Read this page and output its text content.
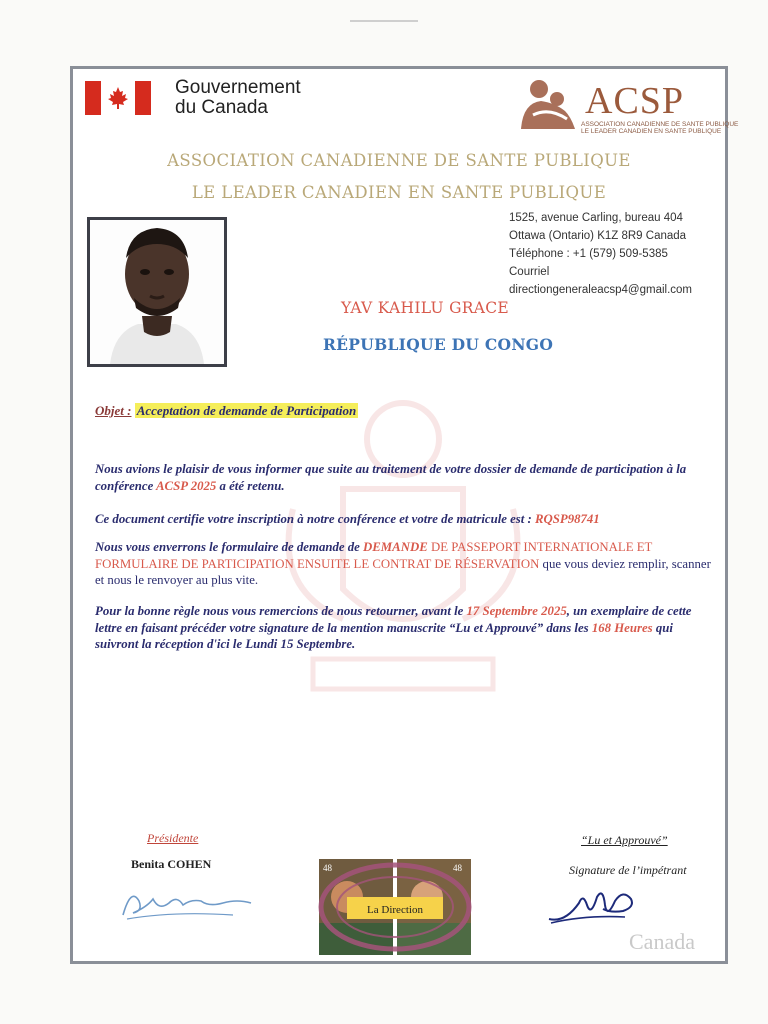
Gouvernement
du Canada	ACSP
ASSOCIATION CANADIENNE DE SANTE PUBLIQUE
LE LEADER CANADIEN EN SANTE PUBLIQUE
ASSOCIATION CANADIENNE DE SANTE PUBLIQUE
LE LEADER CANADIEN EN SANTE PUBLIQUE
1525, avenue Carling, bureau 404
Ottawa (Ontario) K1Z 8R9 Canada
Téléphone : +1 (579) 509-5385
Courriel
directiongeneraleacsp4@gmail.com
YAV KAHILU GRACE
RÉPUBLIQUE DU CONGO
Objet : Acceptation de demande de Participation
Nous avions le plaisir de vous informer que suite au traitement de votre dossier de demande de participation à la conférence ACSP 2025 a été retenu.
Ce document certifie votre inscription à notre conférence et votre de matricule est : RQSP98741
Nous vous enverrons le formulaire de demande de DEMANDE DE PASSEPORT INTERNATIONALE ET FORMULAIRE DE PARTICIPATION ENSUITE LE CONTRAT DE RÉSERVATION que vous deviez remplir, scanner et nous le renvoyer au plus vite.
Pour la bonne règle nous vous remercions de nous retourner, avant le 17 Septembre 2025, un exemplaire de cette lettre en faisant précéder votre signature de la mention manuscrite “Lu et Approuvé” dans les 168 Heures qui suivront la réception d'ici le Lundi 15 Septembre.
Présidente
Benita COHEN	48	48
La Direction
“Lu et Approuvé”
Signature de l’impétrant
Canada
